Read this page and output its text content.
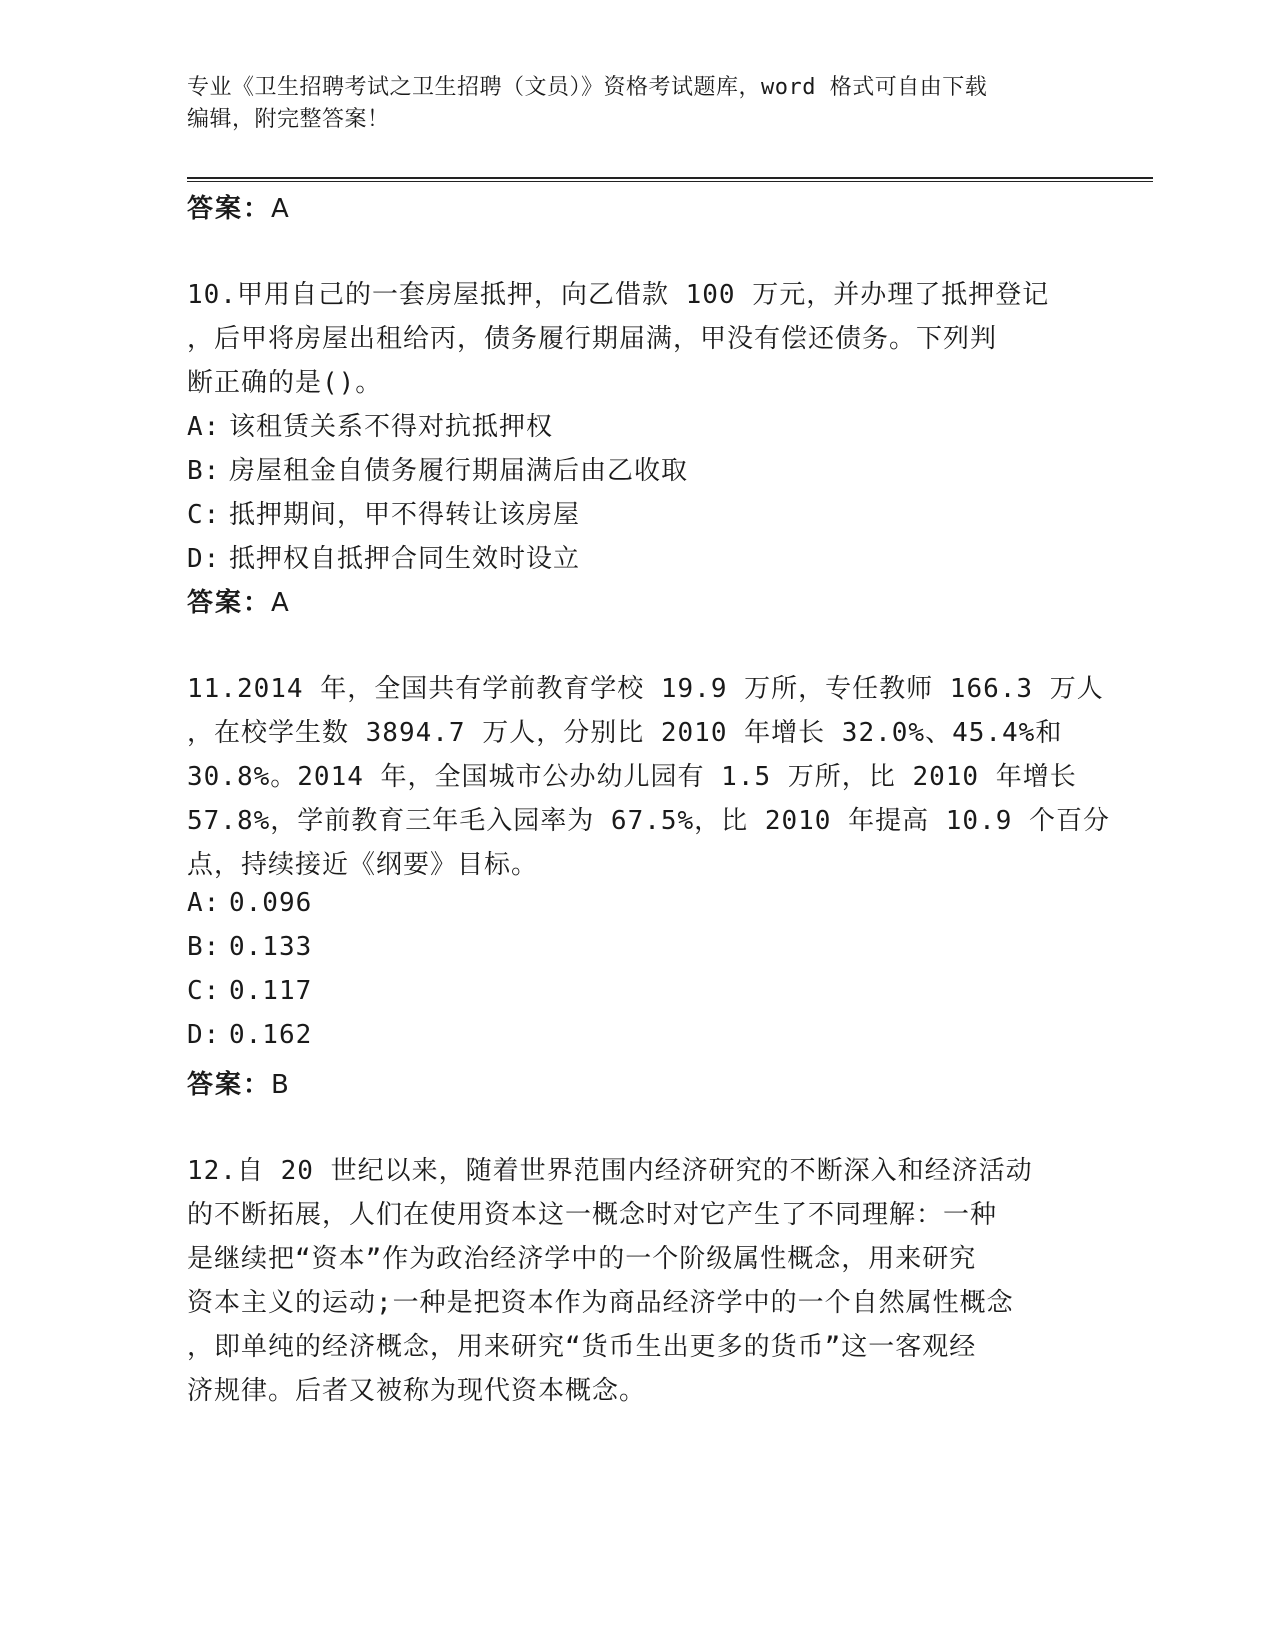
专业《卫生招聘考试之卫生招聘（文员）》资格考试题库，word 格式可自由下载
编辑，附完整答案！
答案：A
10.甲用自己的一套房屋抵押，向乙借款 100 万元，并办理了抵押登记
，后甲将房屋出租给丙，债务履行期届满，甲没有偿还债务。下列判
断正确的是()。
A: 该租赁关系不得对抗抵押权
B: 房屋租金自债务履行期届满后由乙收取
C: 抵押期间，甲不得转让该房屋
D: 抵押权自抵押合同生效时设立
答案：A
11.2014 年，全国共有学前教育学校 19.9 万所，专任教师 166.3 万人
，在校学生数 3894.7 万人，分别比 2010 年增长 32.0%、45.4%和
30.8%。2014 年，全国城市公办幼儿园有 1.5 万所，比 2010 年增长
57.8%，学前教育三年毛入园率为 67.5%，比 2010 年提高 10.9 个百分
点，持续接近《纲要》目标。
A: 0.096
B: 0.133
C: 0.117
D: 0.162
答案：B
12.自 20 世纪以来，随着世界范围内经济研究的不断深入和经济活动
的不断拓展，人们在使用资本这一概念时对它产生了不同理解：一种
是继续把“资本”作为政治经济学中的一个阶级属性概念，用来研究
资本主义的运动;一种是把资本作为商品经济学中的一个自然属性概念
，即单纯的经济概念，用来研究“货币生出更多的货币”这一客观经
济规律。后者又被称为现代资本概念。
